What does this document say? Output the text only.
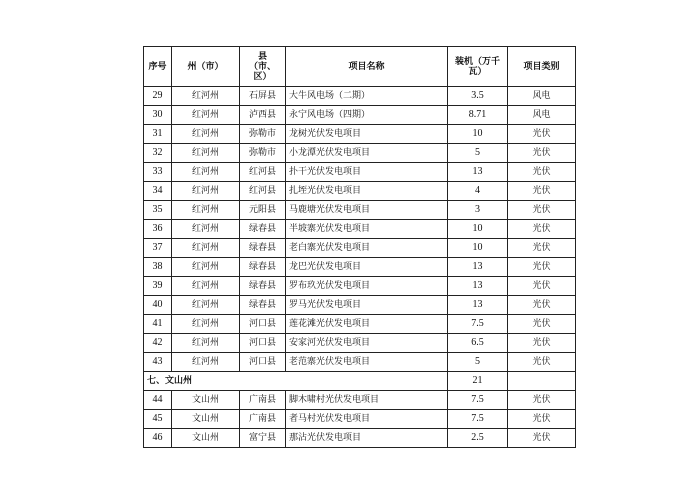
序号	州（市）	县（市、区）	项目名称	装机（万千瓦）	项目类别
29	红河州	石屏县	大牛风电场（二期）	3.5	风电
30	红河州	泸西县	永宁风电场（四期）	8.71	风电
31	红河州	弥勒市	龙树光伏发电项目	10	光伏
32	红河州	弥勒市	小龙潭光伏发电项目	5	光伏
33	红河州	红河县	扑干光伏发电项目	13	光伏
34	红河州	红河县	扎垤光伏发电项目	4	光伏
35	红河州	元阳县	马鹿塘光伏发电项目	3	光伏
36	红河州	绿春县	半坡寨光伏发电项目	10	光伏
37	红河州	绿春县	老白寨光伏发电项目	10	光伏
38	红河州	绿春县	龙巴光伏发电项目	13	光伏
39	红河州	绿春县	罗布玖光伏发电项目	13	光伏
40	红河州	绿春县	罗马光伏发电项目	13	光伏
41	红河州	河口县	莲花滩光伏发电项目	7.5	光伏
42	红河州	河口县	安家河光伏发电项目	6.5	光伏
43	红河州	河口县	老范寨光伏发电项目	5	光伏
七、文山州				21	
44	文山州	广南县	脚木啸村光伏发电项目	7.5	光伏
45	文山州	广南县	者马村光伏发电项目	7.5	光伏
46	文山州	富宁县	那沾光伏发电项目	2.5	光伏
